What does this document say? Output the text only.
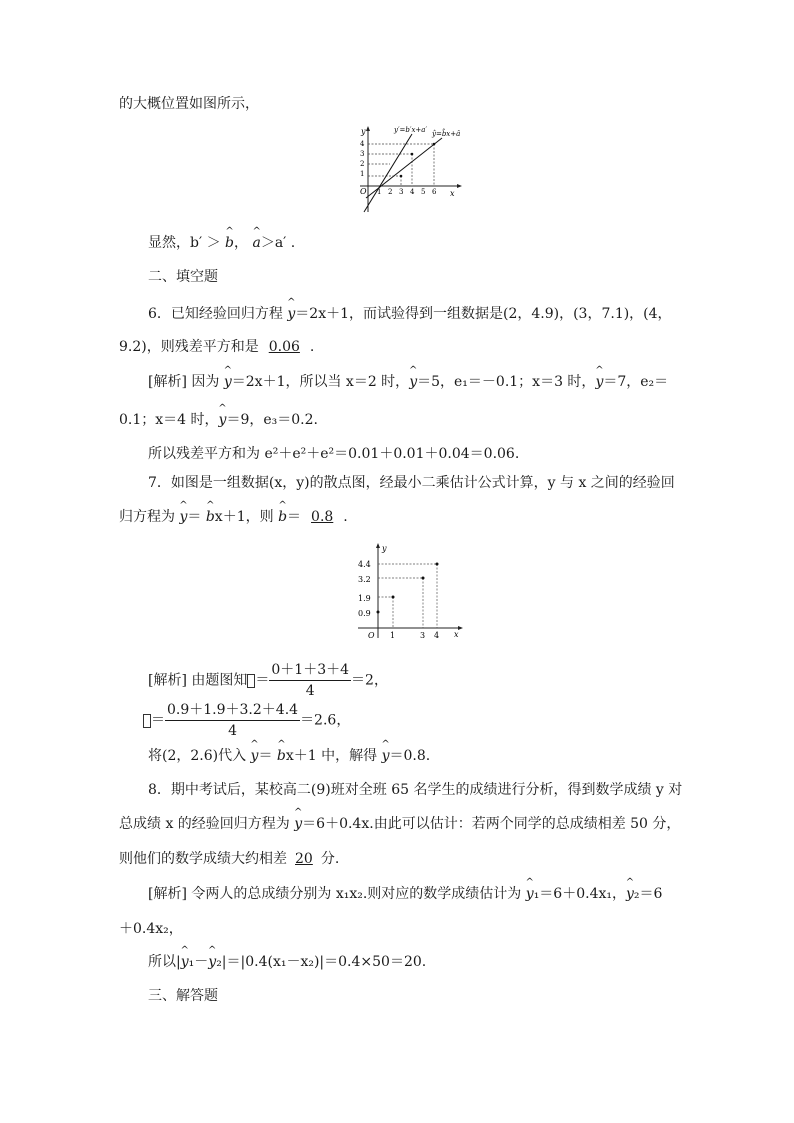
的大概位置如图所示，
y
x
O
4
3
2
1
1 2 3 4 5 6
y′=b′x+a′ ŷ=b̂x+â
显然，b′ ＞ ^ b， ^ a＞a′ .
二、填空题
6．已知经验回归方程 ^ y＝2x＋1，而试验得到一组数据是(2，4.9)，(3，7.1)，(4，
9.2)，则残差平方和是 0.06 .
[解析] 因为 ^ y＝2x＋1，所以当 x＝2 时，^ y＝5，e₁＝－0.1；x＝3 时，^ y＝7，e₂＝
0.1；x＝4 时，^ y＝9，e₃＝0.2.
所以残差平方和为 e²＋e²＋e²＝0.01＋0.01＋0.04＝0.06.
7．如图是一组数据(x，y)的散点图，经最小二乘估计公式计算，y 与 x 之间的经验回
归方程为 ^ y＝ ^ bx＋1，则 ^ b＝ 0.8 .
y
x
O
4.4
3.2
1.9
0.9
1	3 4
[解析] 由题图知 ＝ $\frac{0+1+3+4}{4} =2$，
＝ $\frac{0.9+1.9+3.2+4.4}{4} =2.6$，
将(2，2.6)代入 ^ y＝ ^ bx＋1 中，解得 ^ y＝0.8.
8．期中考试后，某校高二(9)班对全班 65 名学生的成绩进行分析，得到数学成绩 y 对
总成绩 x 的经验回归方程为 ^ y＝6＋0.4x.由此可以估计：若两个同学的总成绩相差 50 分，
则他们的数学成绩大约相差 20 分.
[解析] 令两人的总成绩分别为 x₁x₂.则对应的数学成绩估计为 ^ y₁＝6＋0.4x₁，^ y₂＝6
＋0.4x₂，
所以|^ y₁－^ y₂|＝|0.4(x₁－x₂)|＝0.4×50＝20.
三、解答题
